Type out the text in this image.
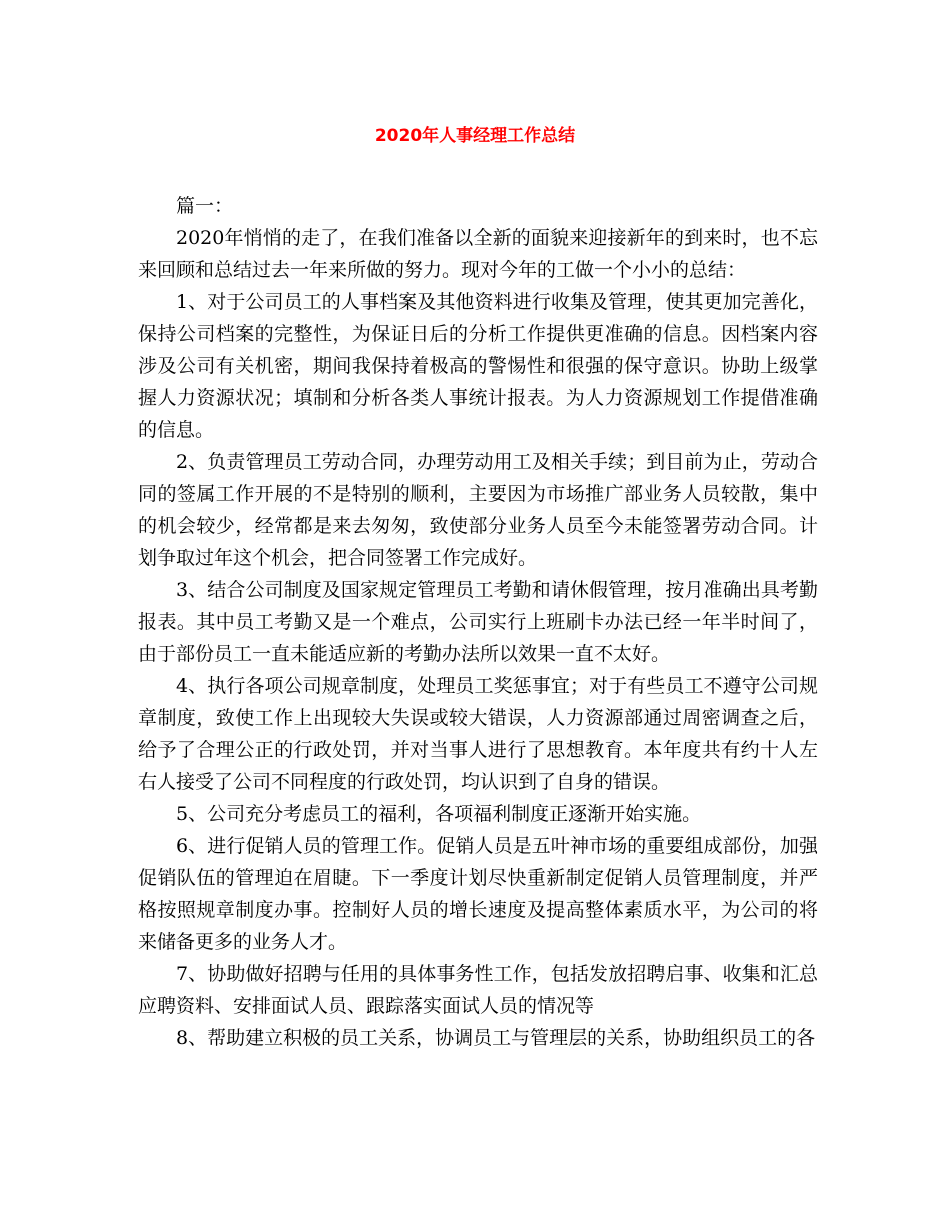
2020年人事经理工作总结

篇一：

2020年悄悄的走了，在我们准备以全新的面貌来迎接新年的到来时，也不忘来回顾和总结过去一年来所做的努力。现对今年的工做一个小小的总结：

1、对于公司员工的人事档案及其他资料进行收集及管理，使其更加完善化，保持公司档案的完整性，为保证日后的分析工作提供更准确的信息。因档案内容涉及公司有关机密，期间我保持着极高的警惕性和很强的保守意识。协助上级掌握人力资源状况；填制和分析各类人事统计报表。为人力资源规划工作提借准确的信息。

2、负责管理员工劳动合同，办理劳动用工及相关手续；到目前为止，劳动合同的签属工作开展的不是特别的顺利，主要因为市场推广部业务人员较散，集中的机会较少，经常都是来去匆匆，致使部分业务人员至今未能签署劳动合同。计划争取过年这个机会，把合同签署工作完成好。

3、结合公司制度及国家规定管理员工考勤和请休假管理，按月准确出具考勤报表。其中员工考勤又是一个难点，公司实行上班刷卡办法已经一年半时间了，由于部份员工一直未能适应新的考勤办法所以效果一直不太好。

4、执行各项公司规章制度，处理员工奖惩事宜；对于有些员工不遵守公司规章制度，致使工作上出现较大失误或较大错误，人力资源部通过周密调查之后，给予了合理公正的行政处罚，并对当事人进行了思想教育。本年度共有约十人左右人接受了公司不同程度的行政处罚，均认识到了自身的错误。

5、公司充分考虑员工的福利，各项福利制度正逐渐开始实施。

6、进行促销人员的管理工作。促销人员是五叶神市场的重要组成部份，加强促销队伍的管理迫在眉睫。下一季度计划尽快重新制定促销人员管理制度，并严格按照规章制度办事。控制好人员的增长速度及提高整体素质水平，为公司的将来储备更多的业务人才。

7、协助做好招聘与任用的具体事务性工作，包括发放招聘启事、收集和汇总应聘资料、安排面试人员、跟踪落实面试人员的情况等

8、帮助建立积极的员工关系，协调员工与管理层的关系，协助组织员工的各
